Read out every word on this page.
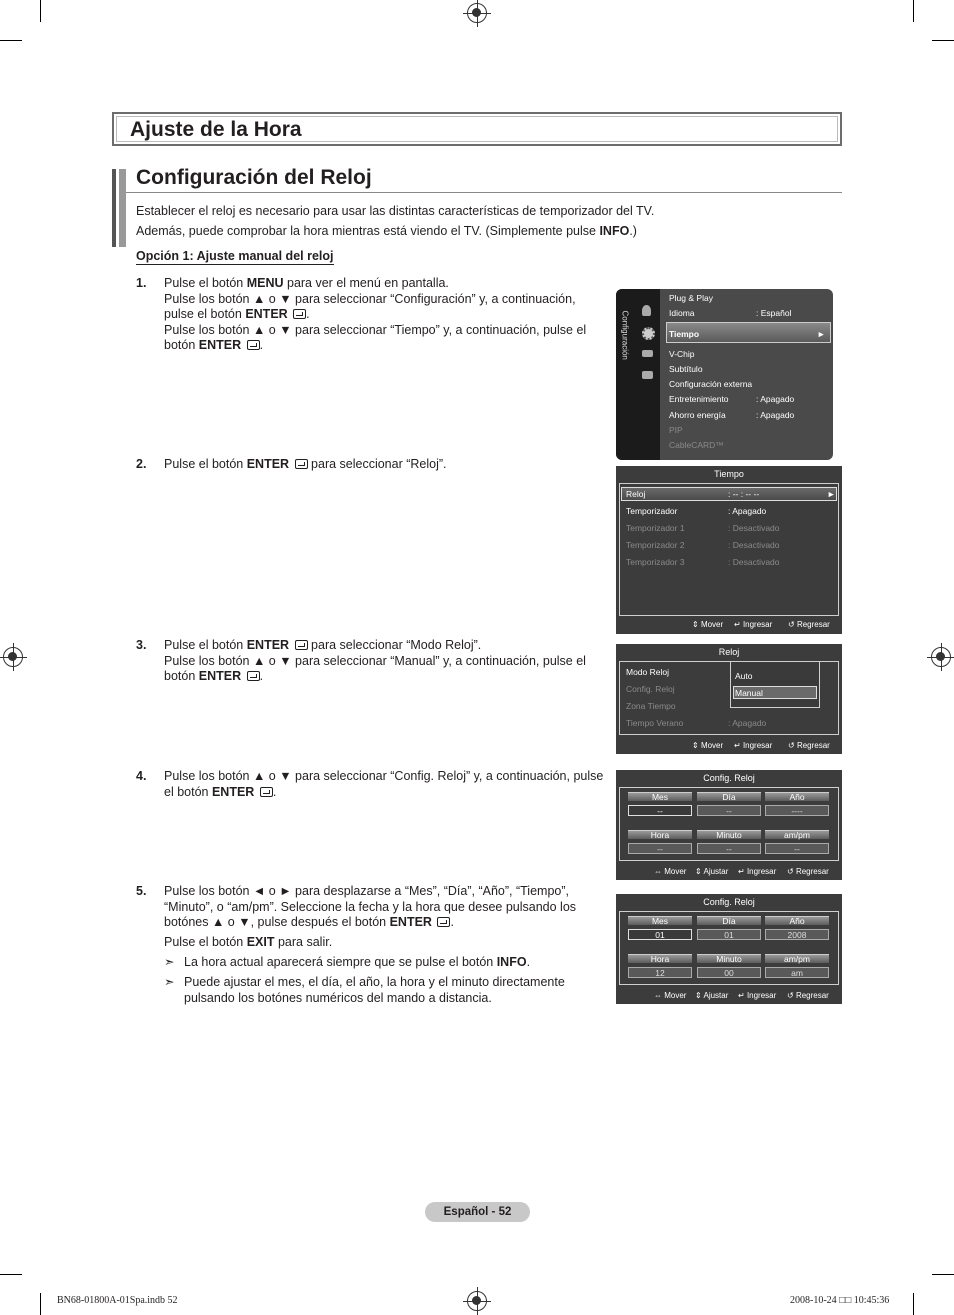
Ajuste de la Hora
Configuración del Reloj
Establecer el reloj es necesario para usar las distintas características de temporizador del TV.
Además, puede comprobar la hora mientras está viendo el TV. (Simplemente pulse INFO.)
Opción 1: Ajuste manual del reloj
1. Pulse el botón MENU para ver el menú en pantalla.
Pulse los botón ▲ o ▼ para seleccionar “Configuración” y, a continuación, pulse el botón ENTER .
Pulse los botón ▲ o ▼ para seleccionar “Tiempo” y, a continuación, pulse el botón ENTER .
2. Pulse el botón ENTER  para seleccionar “Reloj”.
3. Pulse el botón ENTER  para seleccionar “Modo Reloj”.
Pulse los botón ▲ o ▼ para seleccionar “Manual” y, a continuación, pulse el botón ENTER .
4. Pulse los botón ▲ o ▼ para seleccionar “Config. Reloj” y, a continuación, pulse el botón ENTER .
5. Pulse los botón ◄ o ► para desplazarse a “Mes”, “Día”, “Año”, “Tiempo”, “Minuto”, o “am/pm”. Seleccione la fecha y la hora que desee pulsando los botónes ▲ o ▼, pulse después el botón ENTER .
Pulse el botón EXIT para salir.
➣ La hora actual aparecerá siempre que se pulse el botón INFO.
➣ Puede ajustar el mes, el día, el año, la hora y el minuto directamente pulsando los botónes numéricos del mando a distancia.
Configuración
Plug & Play
Idioma	: Español
Tiempo	►
V-Chip
Subtítulo
Configuración externa
Entretenimiento	: Apagado
Ahorro energía	: Apagado
PIP
CableCARD™
Tiempo
Reloj	: -- : -- --	►
Temporizador	: Apagado
Temporizador 1	: Desactivado
Temporizador 2	: Desactivado
Temporizador 3	: Desactivado
⇕ Mover ↵ Ingresar ↺ Regresar
Reloj
Modo Reloj
Config. Reloj
Zona Tiempo
Tiempo Verano	: Apagado
Auto
Manual
⇕ Mover ↵ Ingresar ↺ Regresar
Config. Reloj
Mes	Día	Año
--	--	----
Hora	Minuto	am/pm
--	--	--
⇔ Mover ⇕ Ajustar ↵ Ingresar ↺ Regresar
Config. Reloj
Mes	Día	Año
01	01	2008
Hora	Minuto	am/pm
12	00	am
⇔ Mover ⇕ Ajustar ↵ Ingresar ↺ Regresar
Español - 52
BN68-01800A-01Spa.indb 52	2008-10-24 □□ 10:45:36
